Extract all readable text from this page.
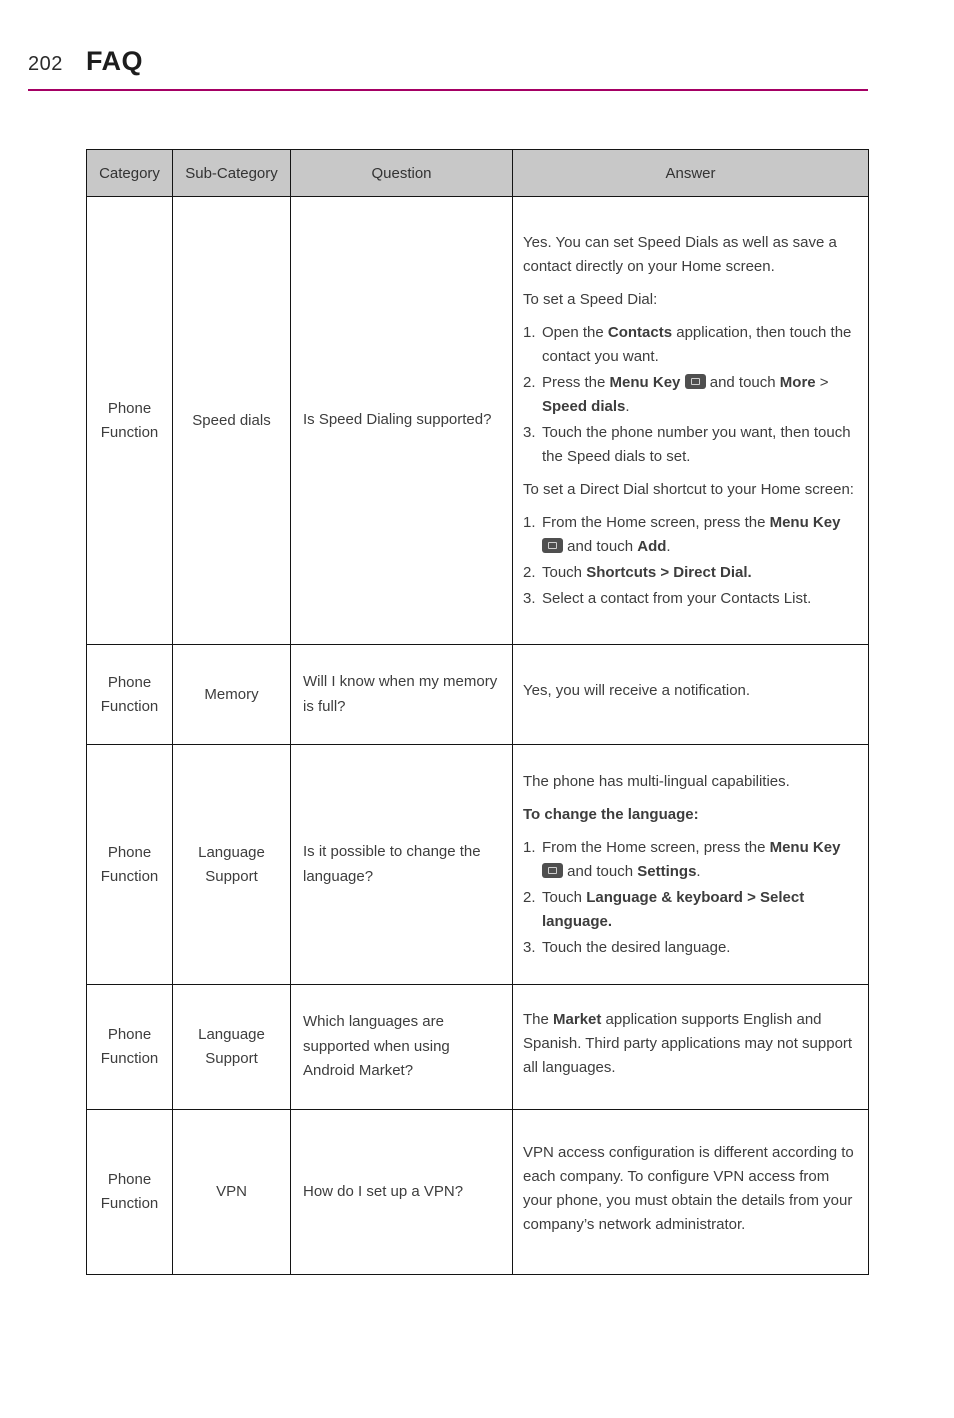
202 FAQ
Category	Sub-Category	Question	Answer
Phone Function	Speed dials	Is Speed Dialing supported?	
Yes. You can set Speed Dials as well as save a contact directly on your Home screen.
To set a Speed Dial:
1. Open the Contacts application, then touch the contact you want.
2. Press the Menu Key  and touch More > Speed dials.
3. Touch the phone number you want, then touch the Speed dials to set.
To set a Direct Dial shortcut to your Home screen:
1. From the Home screen, press the Menu Key  and touch Add.
2. Touch Shortcuts > Direct Dial.
3. Select a contact from your Contacts List.

Phone Function	Memory	Will I know when my memory is full?	Yes, you will receive a notification.

Phone Function	Language Support	Is it possible to change the language?	
The phone has multi-lingual capabilities.
To change the language:
1. From the Home screen, press the Menu Key  and touch Settings.
2. Touch Language & keyboard > Select language.
3. Touch the desired language.

Phone Function	Language Support	Which languages are supported when using Android Market?	The Market application supports English and Spanish. Third party applications may not support all languages.

Phone Function	VPN	How do I set up a VPN?	VPN access configuration is different according to each company. To configure VPN access from your phone, you must obtain the details from your company’s network administrator.
